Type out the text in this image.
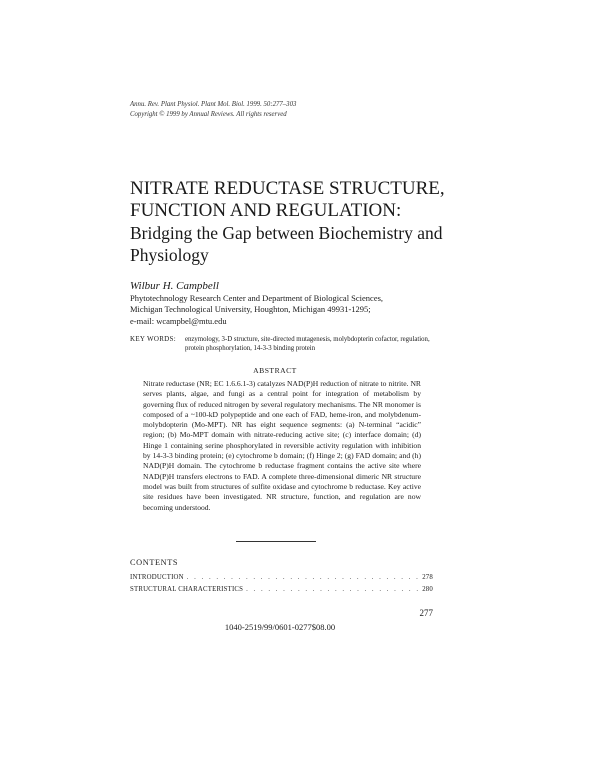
Annu. Rev. Plant Physiol. Plant Mol. Biol. 1999. 50:277–303
Copyright © 1999 by Annual Reviews. All rights reserved
NITRATE REDUCTASE STRUCTURE,
FUNCTION AND REGULATION:
Bridging the Gap between Biochemistry and Physiology
Wilbur H. Campbell
Phytotechnology Research Center and Department of Biological Sciences,
Michigan Technological University, Houghton, Michigan 49931-1295;
e-mail: wcampbel@mtu.edu
KEY WORDS: enzymology, 3-D structure, site-directed mutagenesis, molybdopterin cofactor, regulation, protein phosphorylation, 14-3-3 binding protein
ABSTRACT
Nitrate reductase (NR; EC 1.6.6.1-3) catalyzes NAD(P)H reduction of nitrate to nitrite. NR serves plants, algae, and fungi as a central point for integration of metabolism by governing flux of reduced nitrogen by several regulatory mechanisms. The NR monomer is composed of a ~100-kD polypeptide and one each of FAD, heme-iron, and molybdenum-molybdopterin (Mo-MPT). NR has eight sequence segments: (a) N-terminal “acidic” region; (b) Mo-MPT domain with nitrate-reducing active site; (c) interface domain; (d) Hinge 1 containing serine phosphorylated in reversible activity regulation with inhibition by 14-3-3 binding protein; (e) cytochrome b domain; (f) Hinge 2; (g) FAD domain; and (h) NAD(P)H domain. The cytochrome b reductase fragment contains the active site where NAD(P)H transfers electrons to FAD. A complete three-dimensional dimeric NR structure model was built from structures of sulfite oxidase and cytochrome b reductase. Key active site residues have been investigated. NR structure, function, and regulation are now becoming understood.
CONTENTS
INTRODUCTION . . .	278
STRUCTURAL CHARACTERISTICS . . .	280
277
1040-2519/99/0601-0277$08.00
